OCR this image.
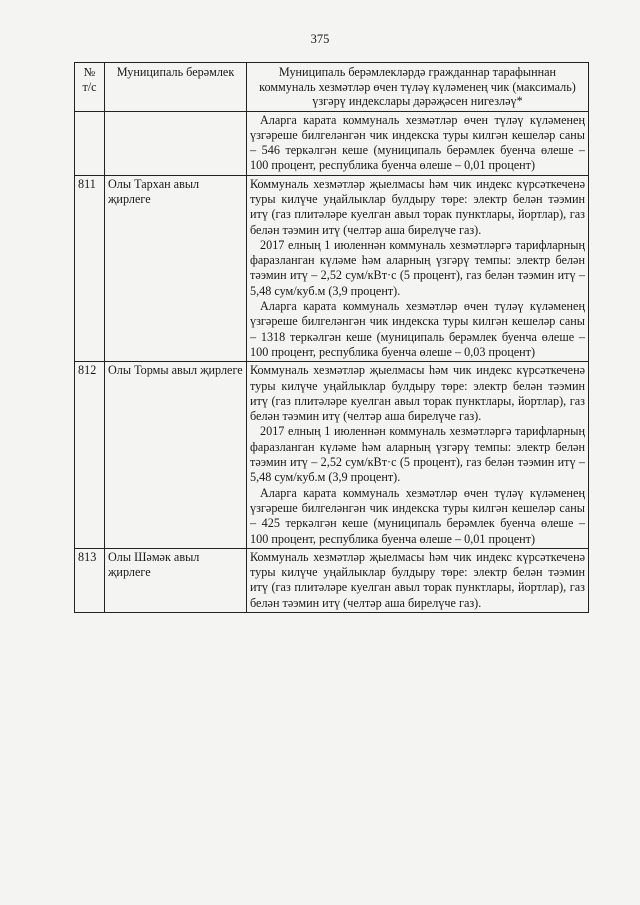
375
№ т/с	Муниципаль берәмлек	Муниципаль берәмлекләрдә гражданнар тарафыннан коммуналь хезмәтләр өчен түләү күләменең чик (максималь) үзгәрү индекслары дәрәҗәсен нигезләү*

		Аларга карата коммуналь хезмәтләр өчен түләү күләменең үзгәреше билгеләнгән чик индекска туры килгән кешеләр саны – 546 теркәлгән кеше (муниципаль берәмлек буенча өлеше – 100 процент, республика буенча өлеше – 0,01 процент)

811	Олы Тархан авыл җирлеге	Коммуналь хезмәтләр җыелмасы һәм чик индекс күрсәткеченә туры килүче уңайлыклар булдыру төре: электр белән тәэмин итү (газ плитәләре куелган авыл торак пунктлары, йортлар), газ белән тәэмин итү (челтәр аша бирелүче газ).

2017 елның 1 июленнән коммуналь хезмәтләргә тарифларның фаразланган күләме һәм аларның үзгәрү темпы: электр белән тәэмин итү – 2,52 сум/кВт·с (5 процент), газ белән тәэмин итү – 5,48 сум/куб.м (3,9 процент).

Аларга карата коммуналь хезмәтләр өчен түләү күләменең үзгәреше билгеләнгән чик индекска туры килгән кешеләр саны – 1318 теркәлгән кеше (муниципаль берәмлек буенча өлеше – 100 процент, республика буенча өлеше – 0,03 процент)

812	Олы Тормы авыл җирлеге	Коммуналь хезмәтләр җыелмасы һәм чик индекс күрсәткеченә туры килүче уңайлыклар булдыру төре: электр белән тәэмин итү (газ плитәләре куелган авыл торак пунктлары, йортлар), газ белән тәэмин итү (челтәр аша бирелүче газ).

2017 елның 1 июленнән коммуналь хезмәтләргә тарифларның фаразланган күләме һәм аларның үзгәрү темпы: электр белән тәэмин итү – 2,52 сум/кВт·с (5 процент), газ белән тәэмин итү – 5,48 сум/куб.м (3,9 процент).

Аларга карата коммуналь хезмәтләр өчен түләү күләменең үзгәреше билгеләнгән чик индекска туры килгән кешеләр саны – 425 теркәлгән кеше (муниципаль берәмлек буенча өлеше – 100 процент, республика буенча өлеше – 0,01 процент)

813	Олы Шәмәк авыл җирлеге	Коммуналь хезмәтләр җыелмасы һәм чик индекс күрсәткеченә туры килүче уңайлыклар булдыру төре: электр белән тәэмин итү (газ плитәләре куелган авыл торак пунктлары, йортлар), газ белән тәэмин итү (челтәр аша бирелүче газ).
